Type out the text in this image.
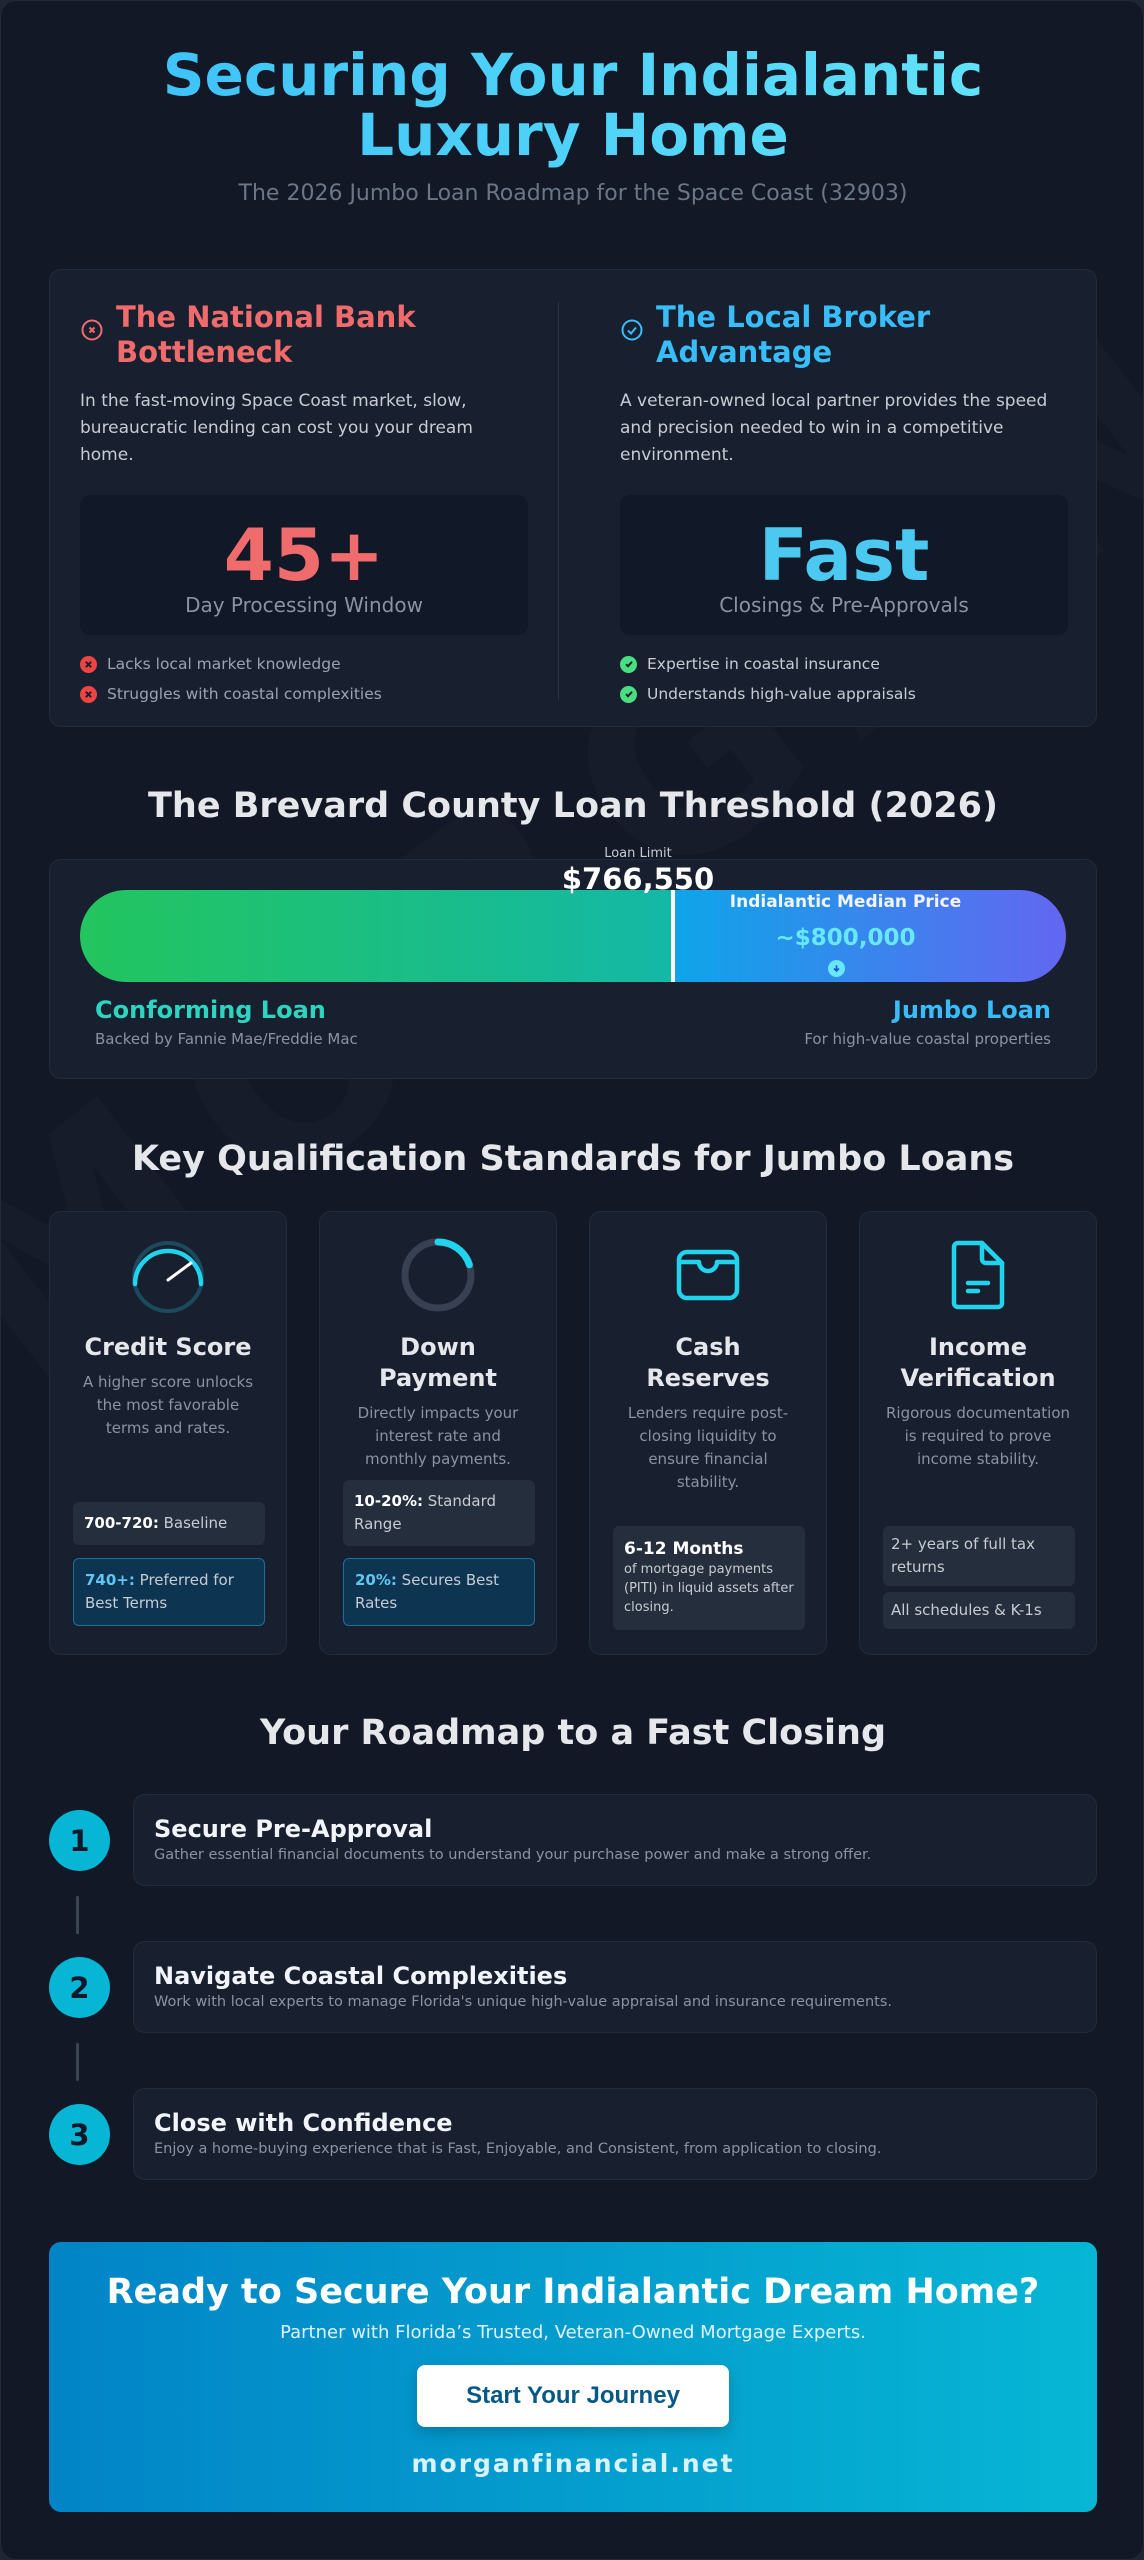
Securing Your Indialantic
Luxury Home
The 2026 Jumbo Loan Roadmap for the Space Coast (32903)
The National Bank Bottleneck

In the fast-moving Space Coast market, slow, bureaucratic lending can cost you your dream home.

45+
Day Processing Window
Lacks local market knowledge
Struggles with coastal complexities
The Local Broker Advantage

A veteran-owned local partner provides the speed and precision needed to win in a competitive environment.

Fast
Closings & Pre-Approvals
Expertise in coastal insurance
Understands high-value appraisals
The Brevard County Loan Threshold (2026)
Indialantic Median Price
~$800,000
Loan Limit
$766,550
Conforming Loan
Backed by Fannie Mae/Freddie Mac
Jumbo Loan
For high-value coastal properties
Key Qualification Standards for Jumbo Loans
Credit Score

A higher score unlocks the most favorable terms and rates.

700-720: Baseline
740+: Preferred for Best Terms
Down Payment

Directly impacts your interest rate and monthly payments.

10-20%: Standard Range
20%: Secures Best Rates
Cash Reserves

Lenders require post-closing liquidity to ensure financial stability.

6-12 Months
of mortgage payments (PITI) in liquid assets after closing.
Income Verification

Rigorous documentation is required to prove income stability.

2+ years of full tax returns
All schedules & K-1s
Your Roadmap to a Fast Closing
1	Secure Pre-Approval
Gather essential financial documents to understand your purchase power and make a strong offer.
2	Navigate Coastal Complexities
Work with local experts to manage Florida's unique high-value appraisal and insurance requirements.
3	Close with Confidence
Enjoy a home-buying experience that is Fast, Enjoyable, and Consistent, from application to closing.
Ready to Secure Your Indialantic Dream Home?
Partner with Florida’s Trusted, Veteran-Owned Mortgage Experts.
Start Your Journey
morganfinancial.net
